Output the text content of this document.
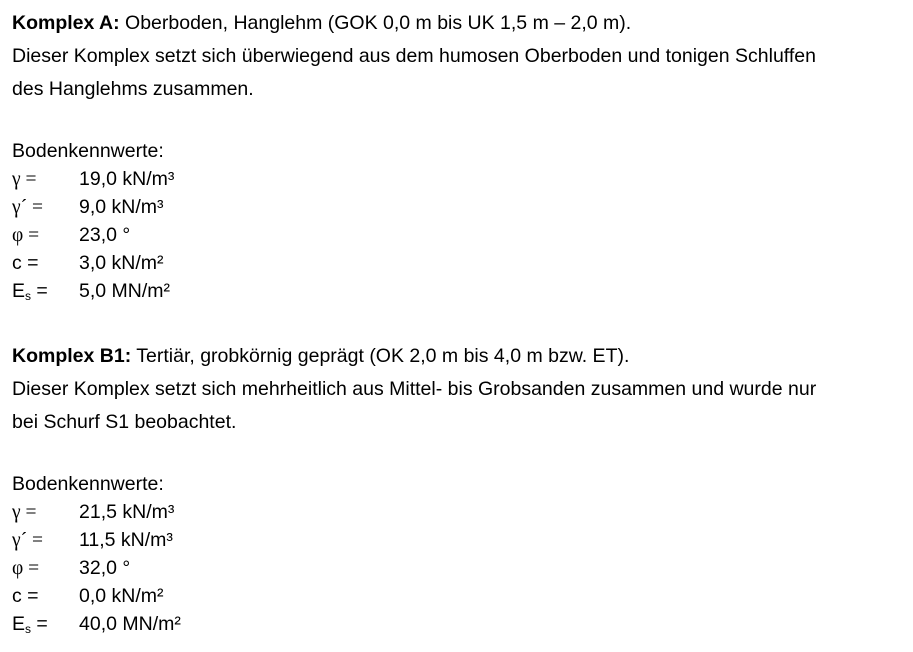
Komplex A: Oberboden, Hanglehm (GOK 0,0 m bis UK 1,5 m – 2,0 m).
Dieser Komplex setzt sich überwiegend aus dem humosen Oberboden und tonigen Schluffen
des Hanglehms zusammen.
Bodenkennwerte:
γ = 19,0 kN/m³
γ´ = 9,0 kN/m³
φ = 23,0 °
c = 3,0 kN/m²
$E_s = 5,0$ MN/m²
Komplex B1: Tertiär, grobkörnig geprägt (OK 2,0 m bis 4,0 m bzw. ET).
Dieser Komplex setzt sich mehrheitlich aus Mittel- bis Grobsanden zusammen und wurde nur
bei Schurf S1 beobachtet.
Bodenkennwerte:
γ = 21,5 kN/m³
γ´ = 11,5 kN/m³
φ = 32,0 °
c = 0,0 kN/m²
$E_s = 40,0$ MN/m²
